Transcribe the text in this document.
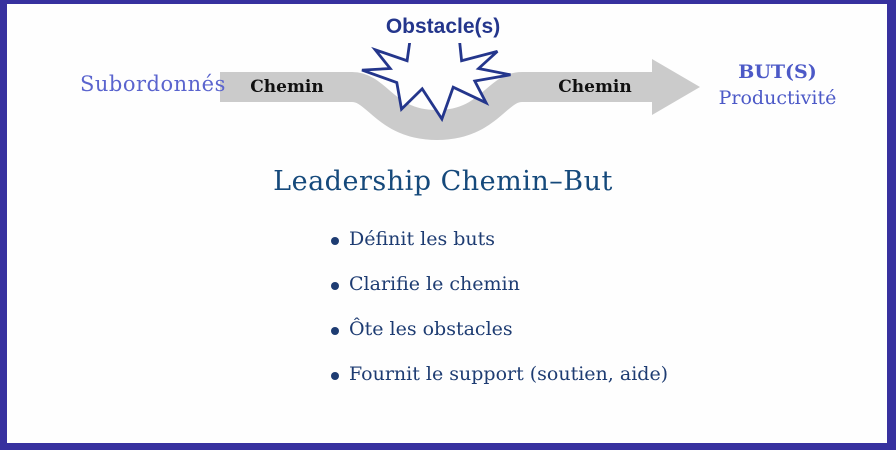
Subordonnés	Chemin
Obstacle(s)
Chemin
BUT(S)
Productivité
Leadership Chemin–But
Définit les buts
Clarifie le chemin
Ôte les obstacles
Fournit le support (soutien, aide)
